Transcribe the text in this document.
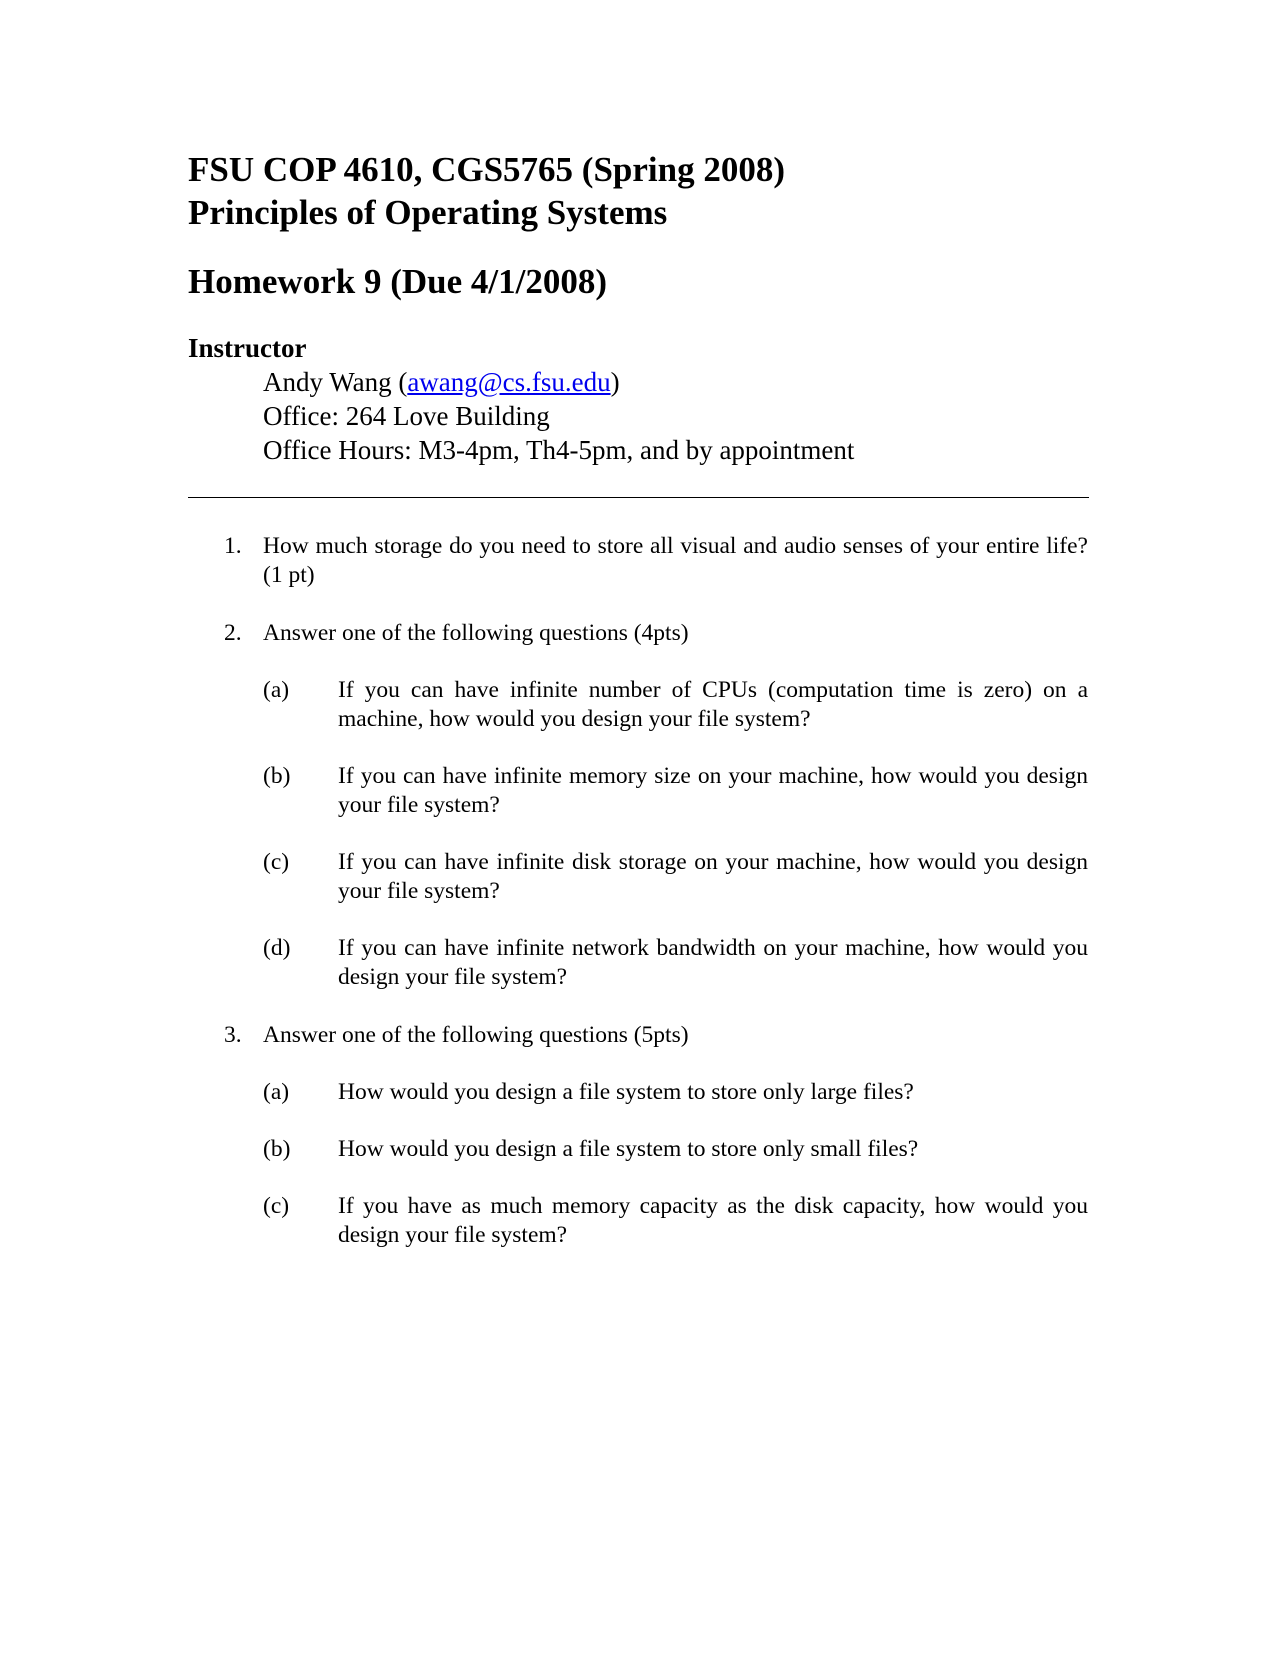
FSU COP 4610, CGS5765 (Spring 2008)

Principles of Operating Systems

Homework 9 (Due 4/1/2008)

Instructor

Andy Wang (awang@cs.fsu.edu)
Office: 264 Love Building
Office Hours: M3-4pm, Th4-5pm, and by appointment
1. How much storage do you need to store all visual and audio senses of your entire life? (1 pt)
2. Answer one of the following questions (4pts)
(a) If you can have infinite number of CPUs (computation time is zero) on a machine, how would you design your file system?
(b) If you can have infinite memory size on your machine, how would you design your file system?
(c) If you can have infinite disk storage on your machine, how would you design your file system?
(d) If you can have infinite network bandwidth on your machine, how would you design your file system?
3. Answer one of the following questions (5pts)
(a) How would you design a file system to store only large files?
(b) How would you design a file system to store only small files?
(c) If you have as much memory capacity as the disk capacity, how would you design your file system?
